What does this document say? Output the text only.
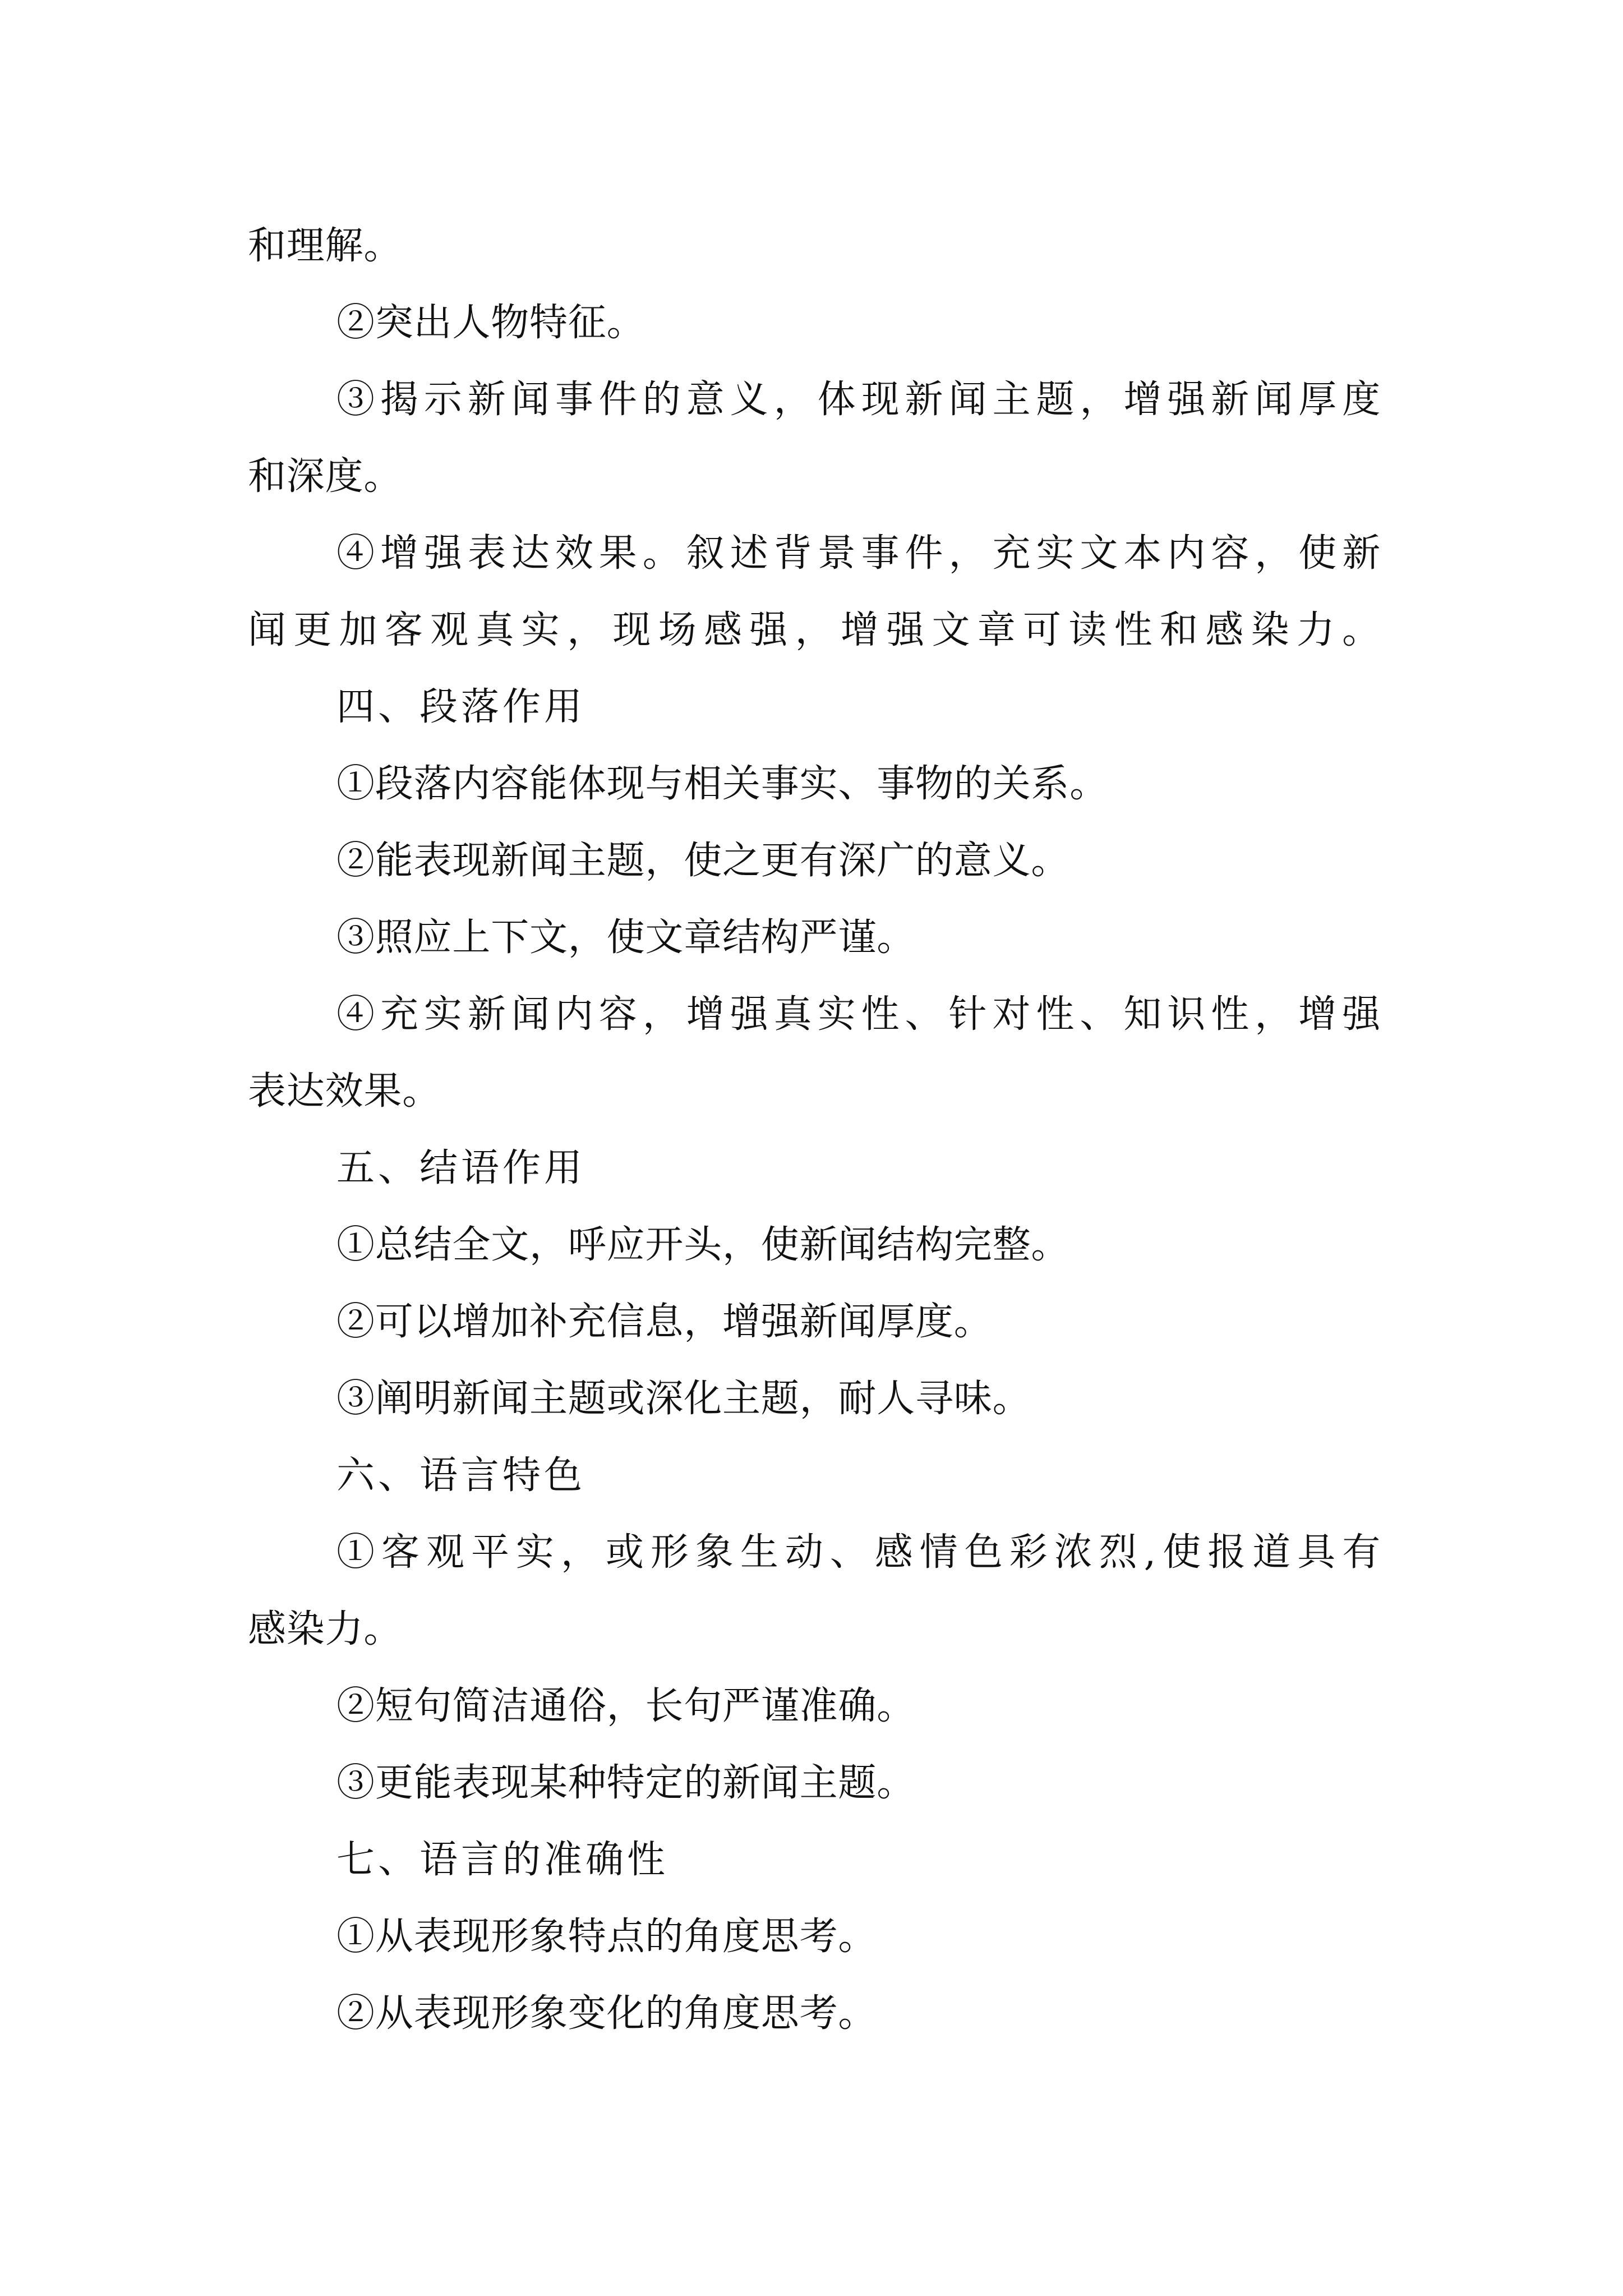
和理解。
②突出人物特征。
③揭示新闻事件的意义，体现新闻主题，增强新闻厚度
和深度。
④增强表达效果。叙述背景事件，充实文本内容，使新
闻更加客观真实，现场感强，增强文章可读性和感染力。
四、段落作用
①段落内容能体现与相关事实、事物的关系。
②能表现新闻主题，使之更有深广的意义。
③照应上下文，使文章结构严谨。
④充实新闻内容，增强真实性、针对性、知识性，增强
表达效果。
五、结语作用
①总结全文，呼应开头，使新闻结构完整。
②可以增加补充信息，增强新闻厚度。
③阐明新闻主题或深化主题，耐人寻味。
六、语言特色
①客观平实，或形象生动、感情色彩浓烈,使报道具有
感染力。
②短句简洁通俗，长句严谨准确。
③更能表现某种特定的新闻主题。
七、语言的准确性
①从表现形象特点的角度思考。
②从表现形象变化的角度思考。
